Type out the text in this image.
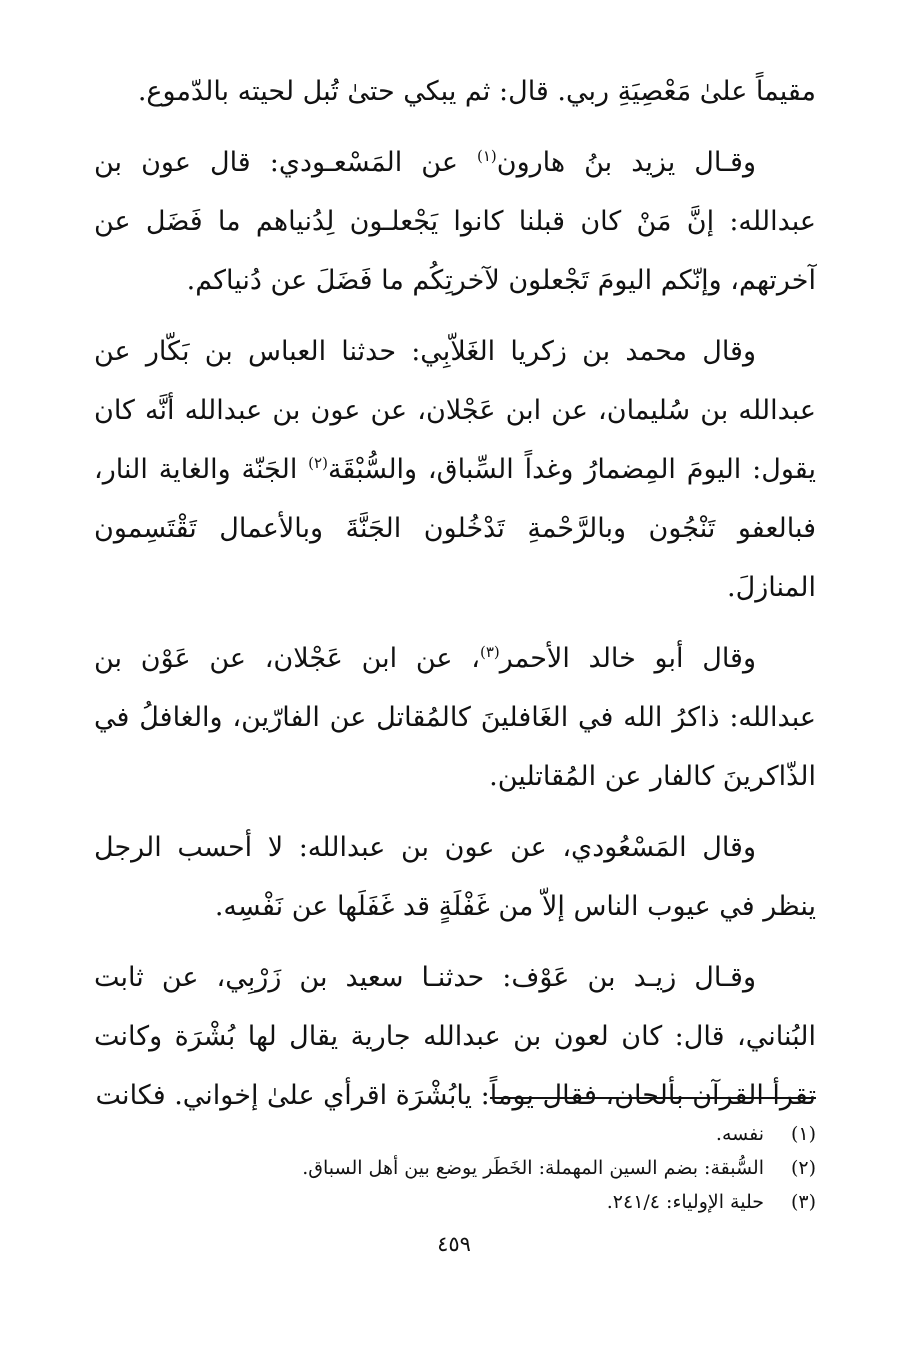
مقيماً علىٰ مَعْصِيَةِ ربي. قال: ثم يبكي حتىٰ تُبل لحيته بالدّموع.

وقـال يزيد بنُ هارون$^{(١)}$ عن المَسْعـودي: قال عون بن عبدالله: إنَّ مَنْ كان قبلنا كانوا يَجْعلـون لِدُنياهم ما فَضَل عن آخرتهم، وإنّكم اليومَ تَجْعلون لآخرتِكُم ما فَضَلَ عن دُنياكم.

وقال محمد بن زكريا الغَلاّبِي: حدثنا العباس بن بَكّار عن عبدالله بن سُليمان، عن ابن عَجْلان، عن عون بن عبدالله أنَّه كان يقول: اليومَ المِضمارُ وغداً السِّباق، والسُّبْقَة$^{(٢)}$ الجَنّة والغاية النار، فبالعفو تَنْجُون وبالرَّحْمةِ تَدْخُلون الجَنَّةَ وبالأعمال تَقْتَسِمون المنازلَ.

وقال أبو خالد الأحمر$^{(٣)}$، عن ابن عَجْلان، عن عَوْن بن عبدالله: ذاكرُ الله في الغَافلينَ كالمُقاتل عن الفارّين، والغافلُ في الذّاكرينَ كالفار عن المُقاتلين.

وقال المَسْعُودي، عن عون بن عبدالله: لا أحسب الرجل ينظر في عيوب الناس إلاّ من غَفْلَةٍ قد غَفَلَها عن نَفْسِه.

وقـال زيـد بن عَوْف: حدثنـا سعيد بن زَرْبِي، عن ثابت البُناني، قال: كان لعون بن عبدالله جارية يقال لها بُشْرَة وكانت تقرأ القرآن بألحان، فقال يوماً: يابُشْرَة اقرأي علىٰ إخواني. فكانت

(١)
نفسه.
(٢)
السُّبقة: بضم السين المهملة: الخَطَر يوضع بين أهل السباق.
(٣)
حلية الإولياء: ٢٤١/٤.
٤٥٩
